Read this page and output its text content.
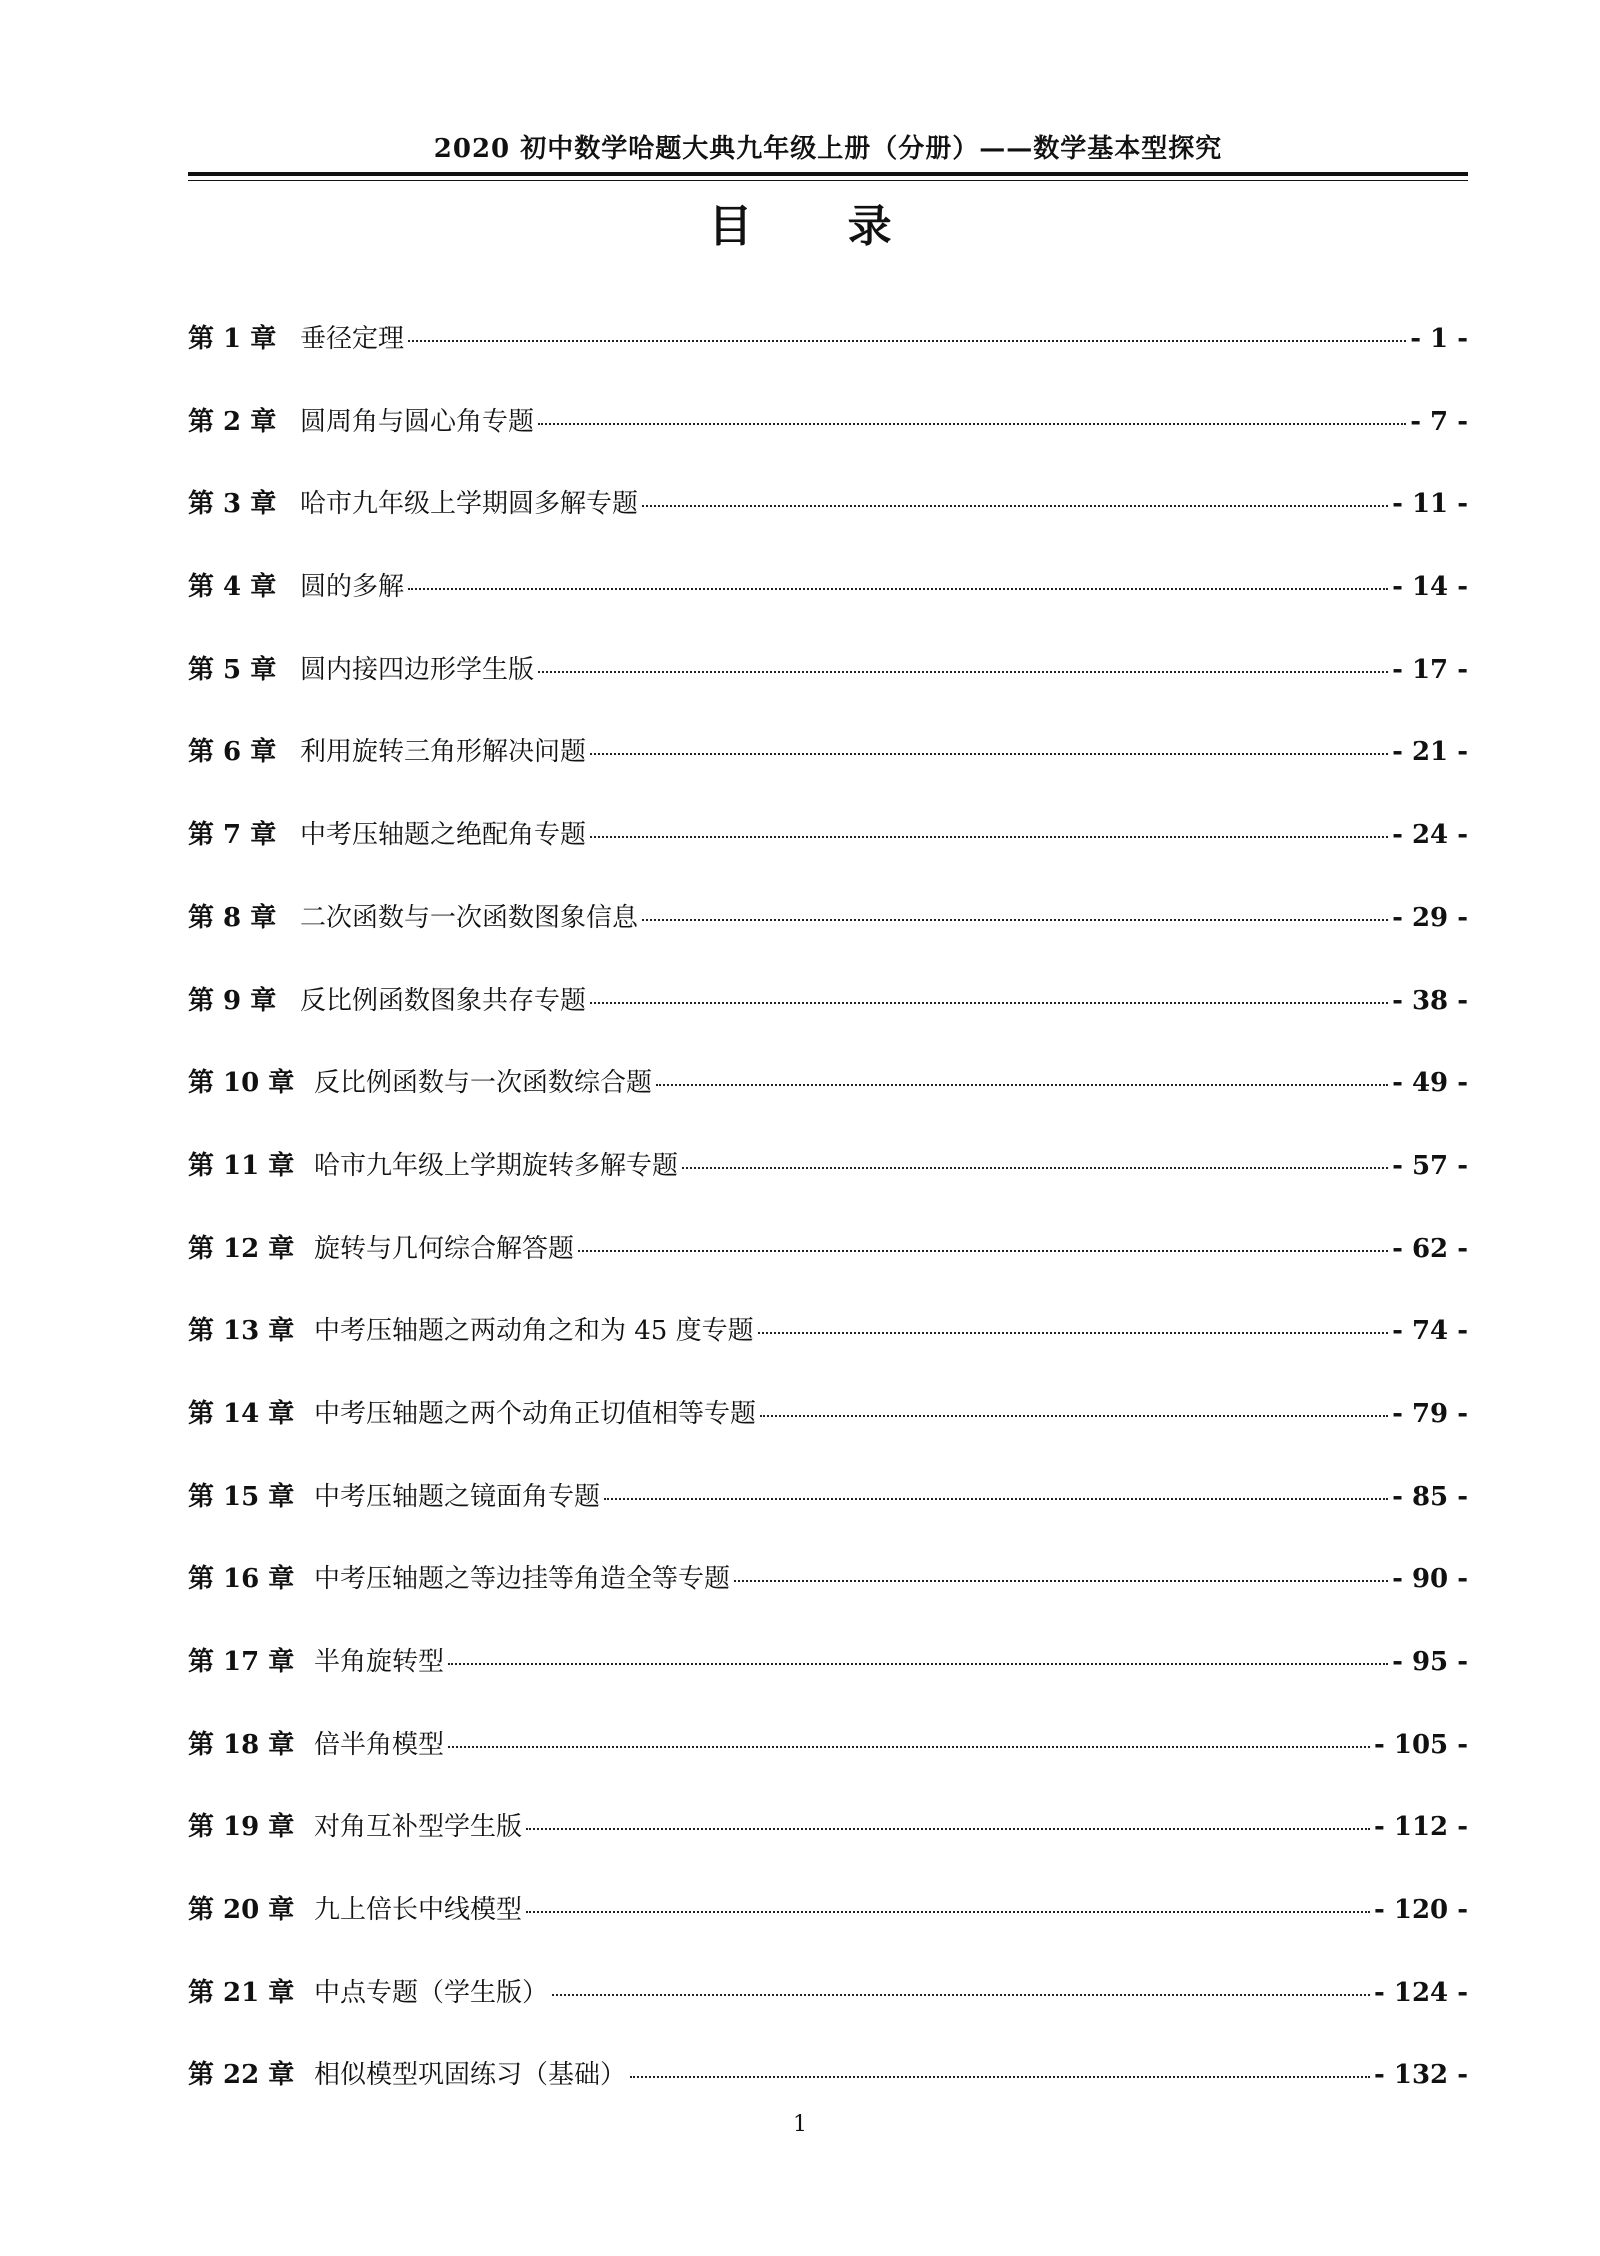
2020 初中数学哈题大典九年级上册（分册）——数学基本型探究
目 录
第 1 章 垂径定理	- 1 -
第 2 章 圆周角与圆心角专题	- 7 -
第 3 章 哈市九年级上学期圆多解专题	- 11 -
第 4 章 圆的多解	- 14 -
第 5 章 圆内接四边形学生版	- 17 -
第 6 章 利用旋转三角形解决问题	- 21 -
第 7 章 中考压轴题之绝配角专题	- 24 -
第 8 章 二次函数与一次函数图象信息	- 29 -
第 9 章 反比例函数图象共存专题	- 38 -
第 10 章 反比例函数与一次函数综合题	- 49 -
第 11 章 哈市九年级上学期旋转多解专题	- 57 -
第 12 章 旋转与几何综合解答题	- 62 -
第 13 章 中考压轴题之两动角之和为 45 度专题	- 74 -
第 14 章 中考压轴题之两个动角正切值相等专题	- 79 -
第 15 章 中考压轴题之镜面角专题	- 85 -
第 16 章 中考压轴题之等边挂等角造全等专题	- 90 -
第 17 章 半角旋转型	- 95 -
第 18 章 倍半角模型	- 105 -
第 19 章 对角互补型学生版	- 112 -
第 20 章 九上倍长中线模型	- 120 -
第 21 章 中点专题（学生版）	- 124 -
第 22 章 相似模型巩固练习（基础）	- 132 -
1
